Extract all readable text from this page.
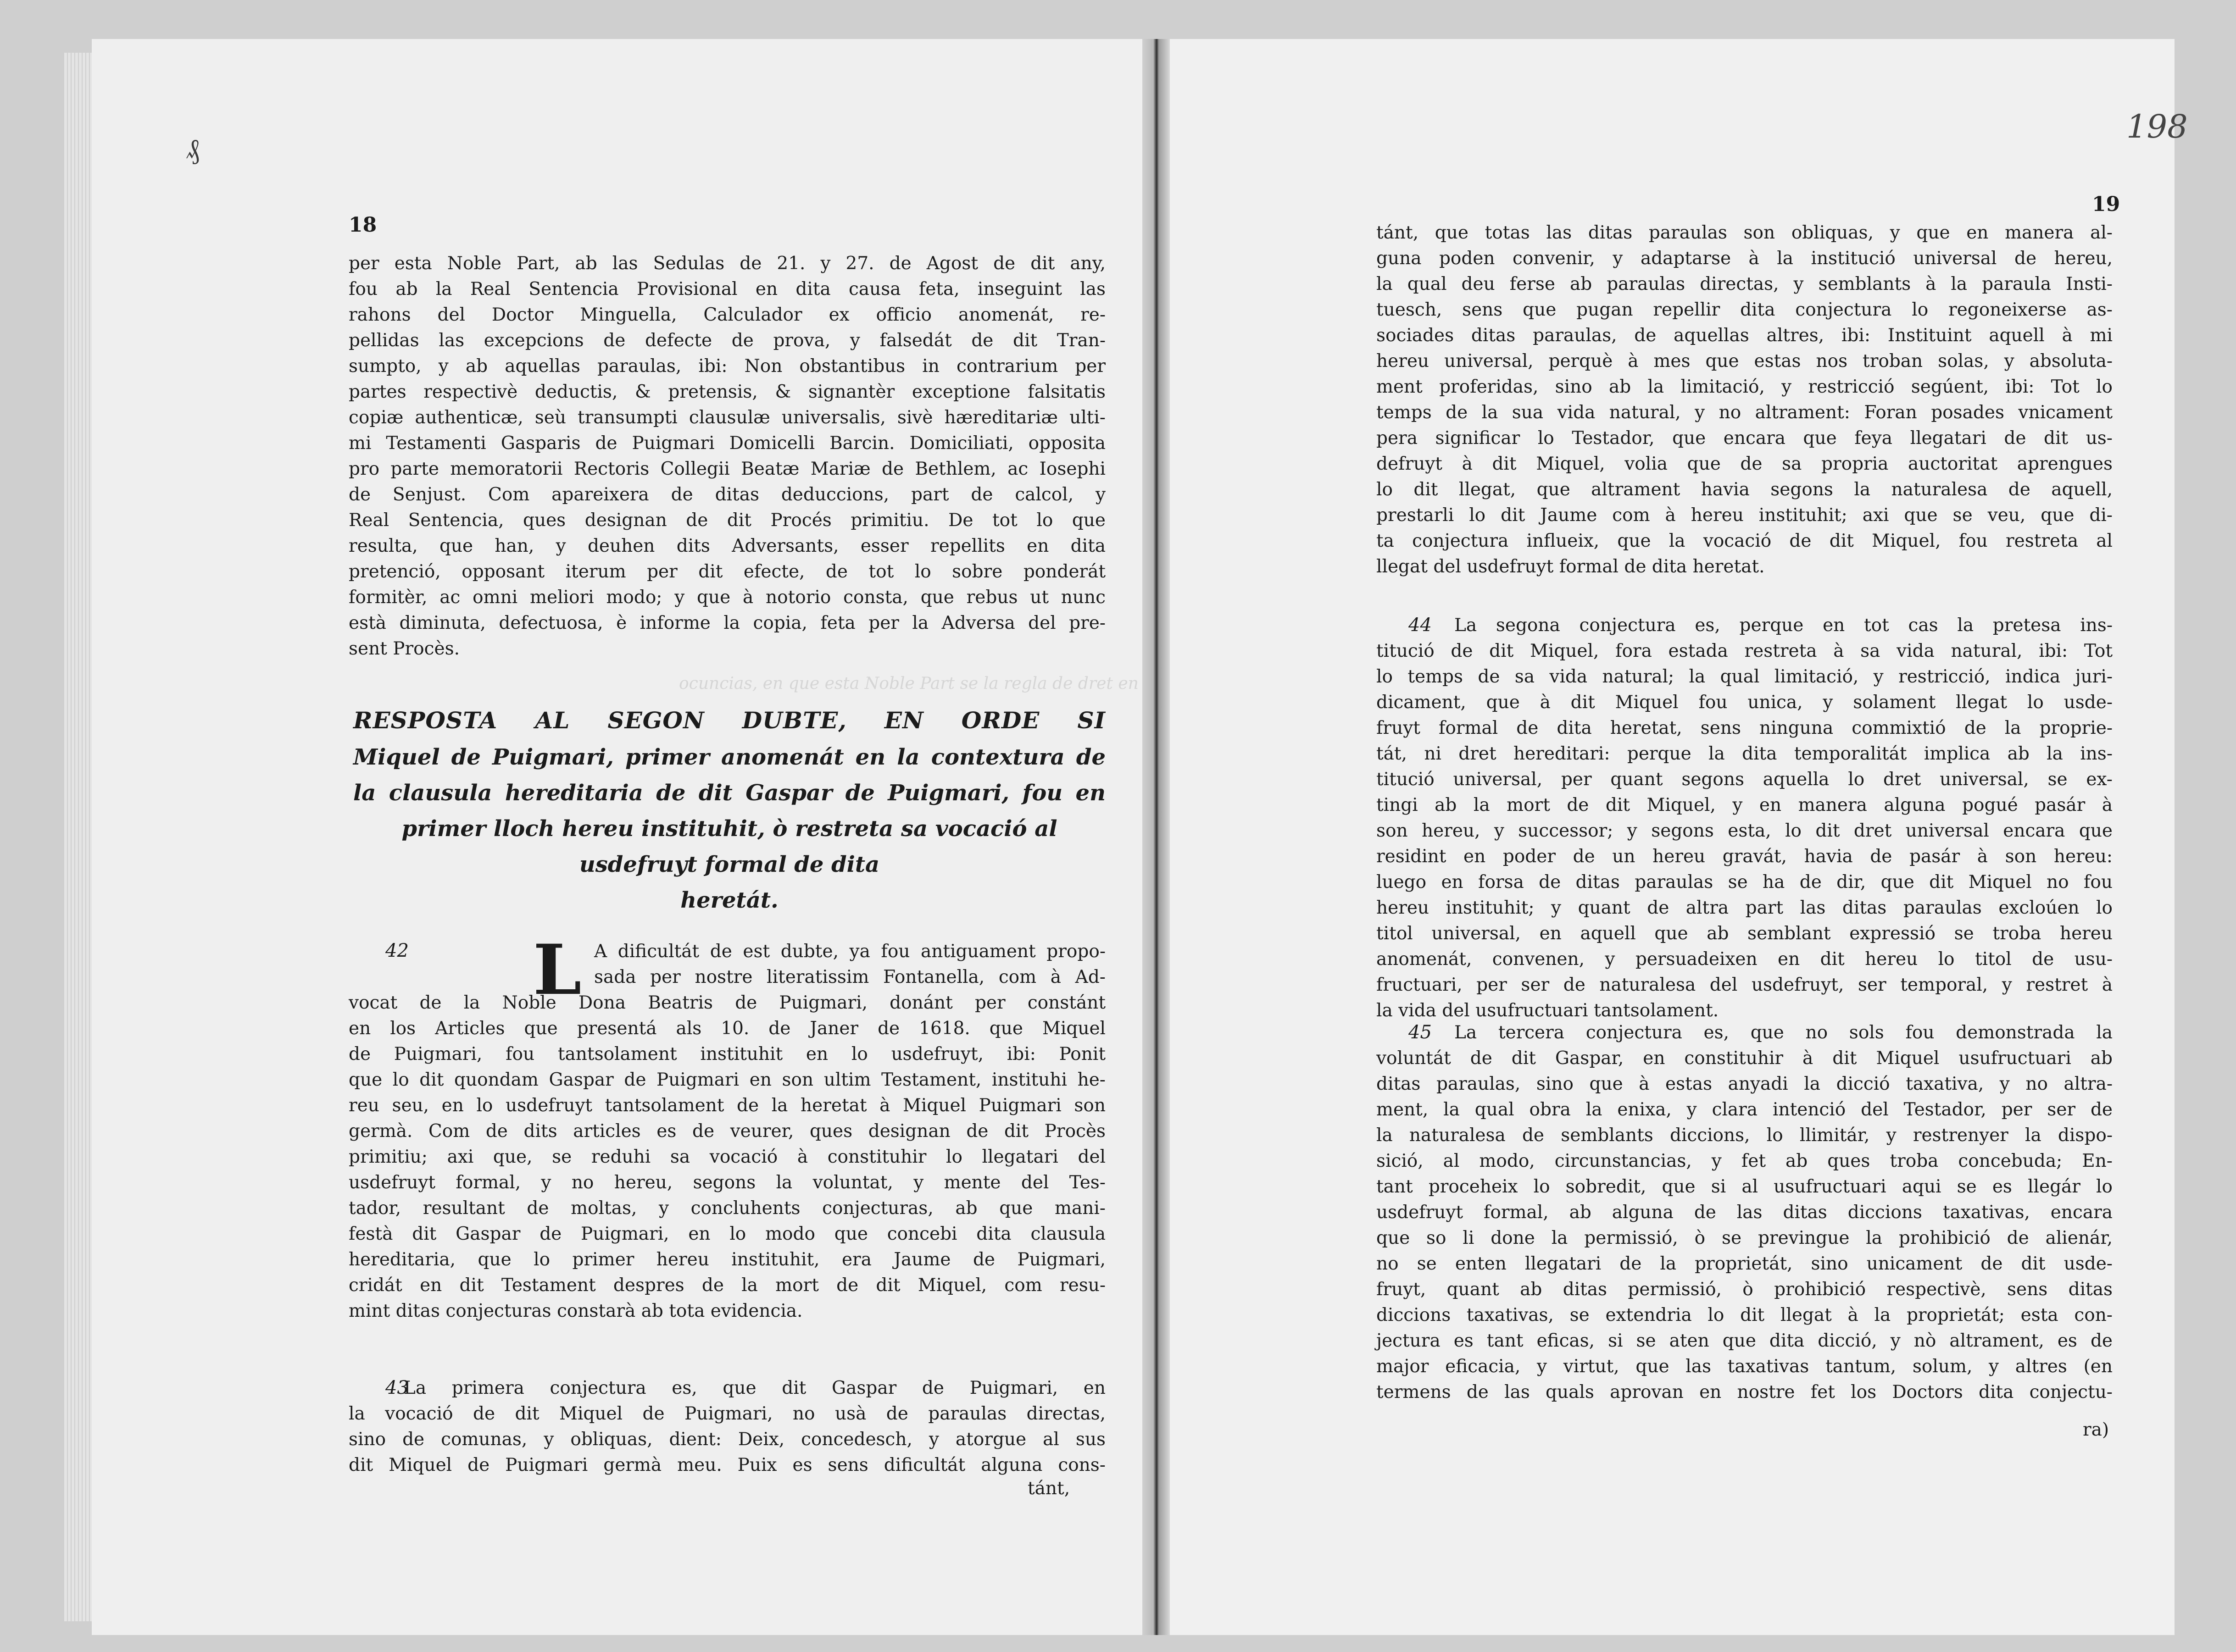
₰
18
per esta Noble Part, ab las Sedulas de 21. y 27. de Agost de dit any,
fou ab la Real Sentencia Provisional en dita causa feta, inseguint las
rahons del Doctor Minguella, Calculador ex officio anomenát, re-
pellidas las excepcions de defecte de prova, y falsedát de dit Tran-
sumpto, y ab aquellas paraulas, ibi: Non obstantibus in contrarium per
partes respectivè deductis, & pretensis, & signantèr exceptione falsitatis
copiæ authenticæ, seù transumpti clausulæ universalis, sivè hæreditariæ ulti-
mi Testamenti Gasparis de Puigmari Domicelli Barcin. Domiciliati, opposita
pro parte memoratorii Rectoris Collegii Beatæ Mariæ de Bethlem, ac Iosephi
de Senjust. Com apareixera de ditas deduccions, part de calcol, y
Real Sentencia, ques designan de dit Procés primitiu. De tot lo que
resulta, que han, y deuhen dits Adversants, esser repellits en dita
pretenció, opposant iterum per dit efecte, de tot lo sobre ponderát
formitèr, ac omni meliori modo; y que à notorio consta, que rebus ut nunc
està diminuta, defectuosa, è informe la copia, feta per la Adversa del pre-
sent Procès.
ocuncias, en que esta Noble Part se la regla de dret en
RESPOSTA AL SEGON DUBTE, EN ORDE SI
Miquel de Puigmari, primer anomenát en la contextura de
la clausula hereditaria de dit Gaspar de Puigmari, fou en
primer lloch hereu instituhit, ò restreta sa vocació al
usdefruyt formal de dita
heretát.
42 L A dificultát de est dubte, ya fou antiguament propo-
sada per nostre literatissim Fontanella, com à Ad-
vocat de la Noble Dona Beatris de Puigmari, donánt per constánt
en los Articles que presentá als 10. de Janer de 1618. que Miquel
de Puigmari, fou tantsolament instituhit en lo usdefruyt, ibi: Ponit
que lo dit quondam Gaspar de Puigmari en son ultim Testament, instituhi he-
reu seu, en lo usdefruyt tantsolament de la heretat à Miquel Puigmari son
germà. Com de dits articles es de veurer, ques designan de dit Procès
primitiu; axi que, se reduhi sa vocació à constituhir lo llegatari del
usdefruyt formal, y no hereu, segons la voluntat, y mente del Tes-
tador, resultant de moltas, y concluhents conjecturas, ab que mani-
festà dit Gaspar de Puigmari, en lo modo que concebi dita clausula
hereditaria, que lo primer hereu instituhit, era Jaume de Puigmari,
cridát en dit Testament despres de la mort de dit Miquel, com resu-
mint ditas conjecturas constarà ab tota evidencia.
43
La primera conjectura es, que dit Gaspar de Puigmari, en
la vocació de dit Miquel de Puigmari, no usà de paraulas directas,
sino de comunas, y obliquas, dient: Deix, concedesch, y atorgue al sus
dit Miquel de Puigmari germà meu. Puix es sens dificultát alguna cons-
tánt,
198
19
tánt, que totas las ditas paraulas son obliquas, y que en manera al-
guna poden convenir, y adaptarse à la institució universal de hereu,
la qual deu ferse ab paraulas directas, y semblants à la paraula Insti-
tuesch, sens que pugan repellir dita conjectura lo regoneixerse as-
sociades ditas paraulas, de aquellas altres, ibi: Instituint aquell à mi
hereu universal, perquè à mes que estas nos troban solas, y absoluta-
ment proferidas, sino ab la limitació, y restricció segúent, ibi: Tot lo
temps de la sua vida natural, y no altrament: Foran posades vnicament
pera significar lo Testador, que encara que feya llegatari de dit us-
defruyt à dit Miquel, volia que de sa propria auctoritat aprengues
lo dit llegat, que altrament havia segons la naturalesa de aquell,
prestarli lo dit Jaume com à hereu instituhit; axi que se veu, que di-
ta conjectura influeix, que la vocació de dit Miquel, fou restreta al
llegat del usdefruyt formal de dita heretat.
44 La segona conjectura es, perque en tot cas la pretesa ins-
titució de dit Miquel, fora estada restreta à sa vida natural, ibi: Tot
lo temps de sa vida natural; la qual limitació, y restricció, indica juri-
dicament, que à dit Miquel fou unica, y solament llegat lo usde-
fruyt formal de dita heretat, sens ninguna commixtió de la proprie-
tát, ni dret hereditari: perque la dita temporalitát implica ab la ins-
titució universal, per quant segons aquella lo dret universal, se ex-
tingi ab la mort de dit Miquel, y en manera alguna pogué pasár à
son hereu, y successor; y segons esta, lo dit dret universal encara que
residint en poder de un hereu gravát, havia de pasár à son hereu:
luego en forsa de ditas paraulas se ha de dir, que dit Miquel no fou
hereu instituhit; y quant de altra part las ditas paraulas excloúen lo
titol universal, en aquell que ab semblant expressió se troba hereu
anomenát, convenen, y persuadeixen en dit hereu lo titol de usu-
fructuari, per ser de naturalesa del usdefruyt, ser temporal, y restret à
la vida del usufructuari tantsolament.
45 La tercera conjectura es, que no sols fou demonstrada la
voluntát de dit Gaspar, en constituhir à dit Miquel usufructuari ab
ditas paraulas, sino que à estas anyadi la dicció taxativa, y no altra-
ment, la qual obra la enixa, y clara intenció del Testador, per ser de
la naturalesa de semblants diccions, lo llimitár, y restrenyer la dispo-
sició, al modo, circunstancias, y fet ab ques troba concebuda; En-
tant proceheix lo sobredit, que si al usufructuari aqui se es llegár lo
usdefruyt formal, ab alguna de las ditas diccions taxativas, encara
que so li done la permissió, ò se previngue la prohibició de alienár,
no se enten llegatari de la proprietát, sino unicament de dit usde-
fruyt, quant ab ditas permissió, ò prohibició respectivè, sens ditas
diccions taxativas, se extendria lo dit llegat à la proprietát; esta con-
jectura es tant eficas, si se aten que dita dicció, y nò altrament, es de
major eficacia, y virtut, que las taxativas tantum, solum, y altres (en
termens de las quals aprovan en nostre fet los Doctors dita conjectu-
ra)
